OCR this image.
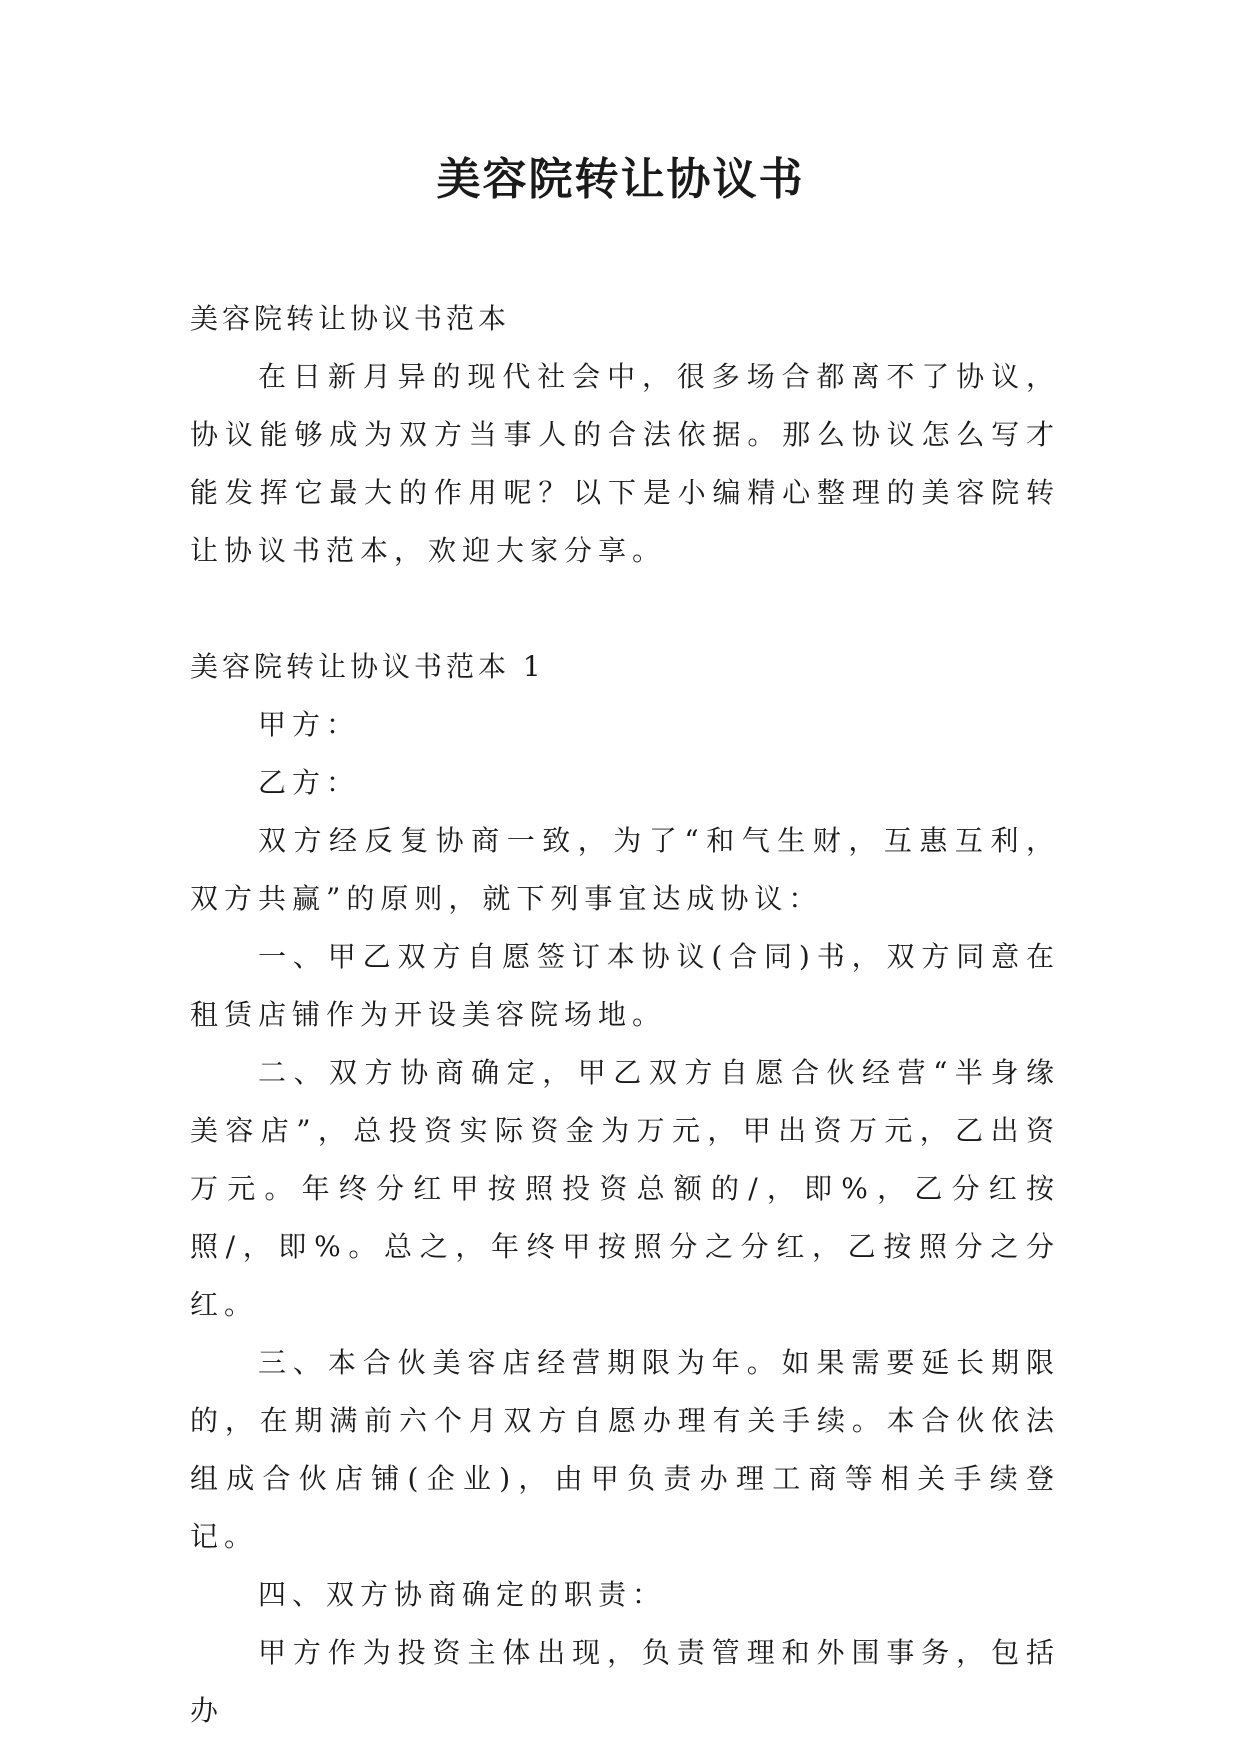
美容院转让协议书

美容院转让协议书范本

在日新月异的现代社会中，很多场合都离不了协议，协议能够成为双方当事人的合法依据。那么协议怎么写才能发挥它最大的作用呢？以下是小编精心整理的美容院转让协议书范本，欢迎大家分享。

美容院转让协议书范本 1

甲方：

乙方：

双方经反复协商一致，为了“和气生财，互惠互利，双方共赢”的原则，就下列事宜达成协议：

一、甲乙双方自愿签订本协议(合同)书，双方同意在租赁店铺作为开设美容院场地。

二、双方协商确定，甲乙双方自愿合伙经营“半身缘美容店”，总投资实际资金为万元，甲出资万元，乙出资万元。年终分红甲按照投资总额的/，即%，乙分红按照/，即%。总之，年终甲按照分之分红，乙按照分之分红。

三、本合伙美容店经营期限为年。如果需要延长期限的，在期满前六个月双方自愿办理有关手续。本合伙依法组成合伙店铺(企业)，由甲负责办理工商等相关手续登记。

四、双方协商确定的职责：

甲方作为投资主体出现，负责管理和外围事务，包括办
